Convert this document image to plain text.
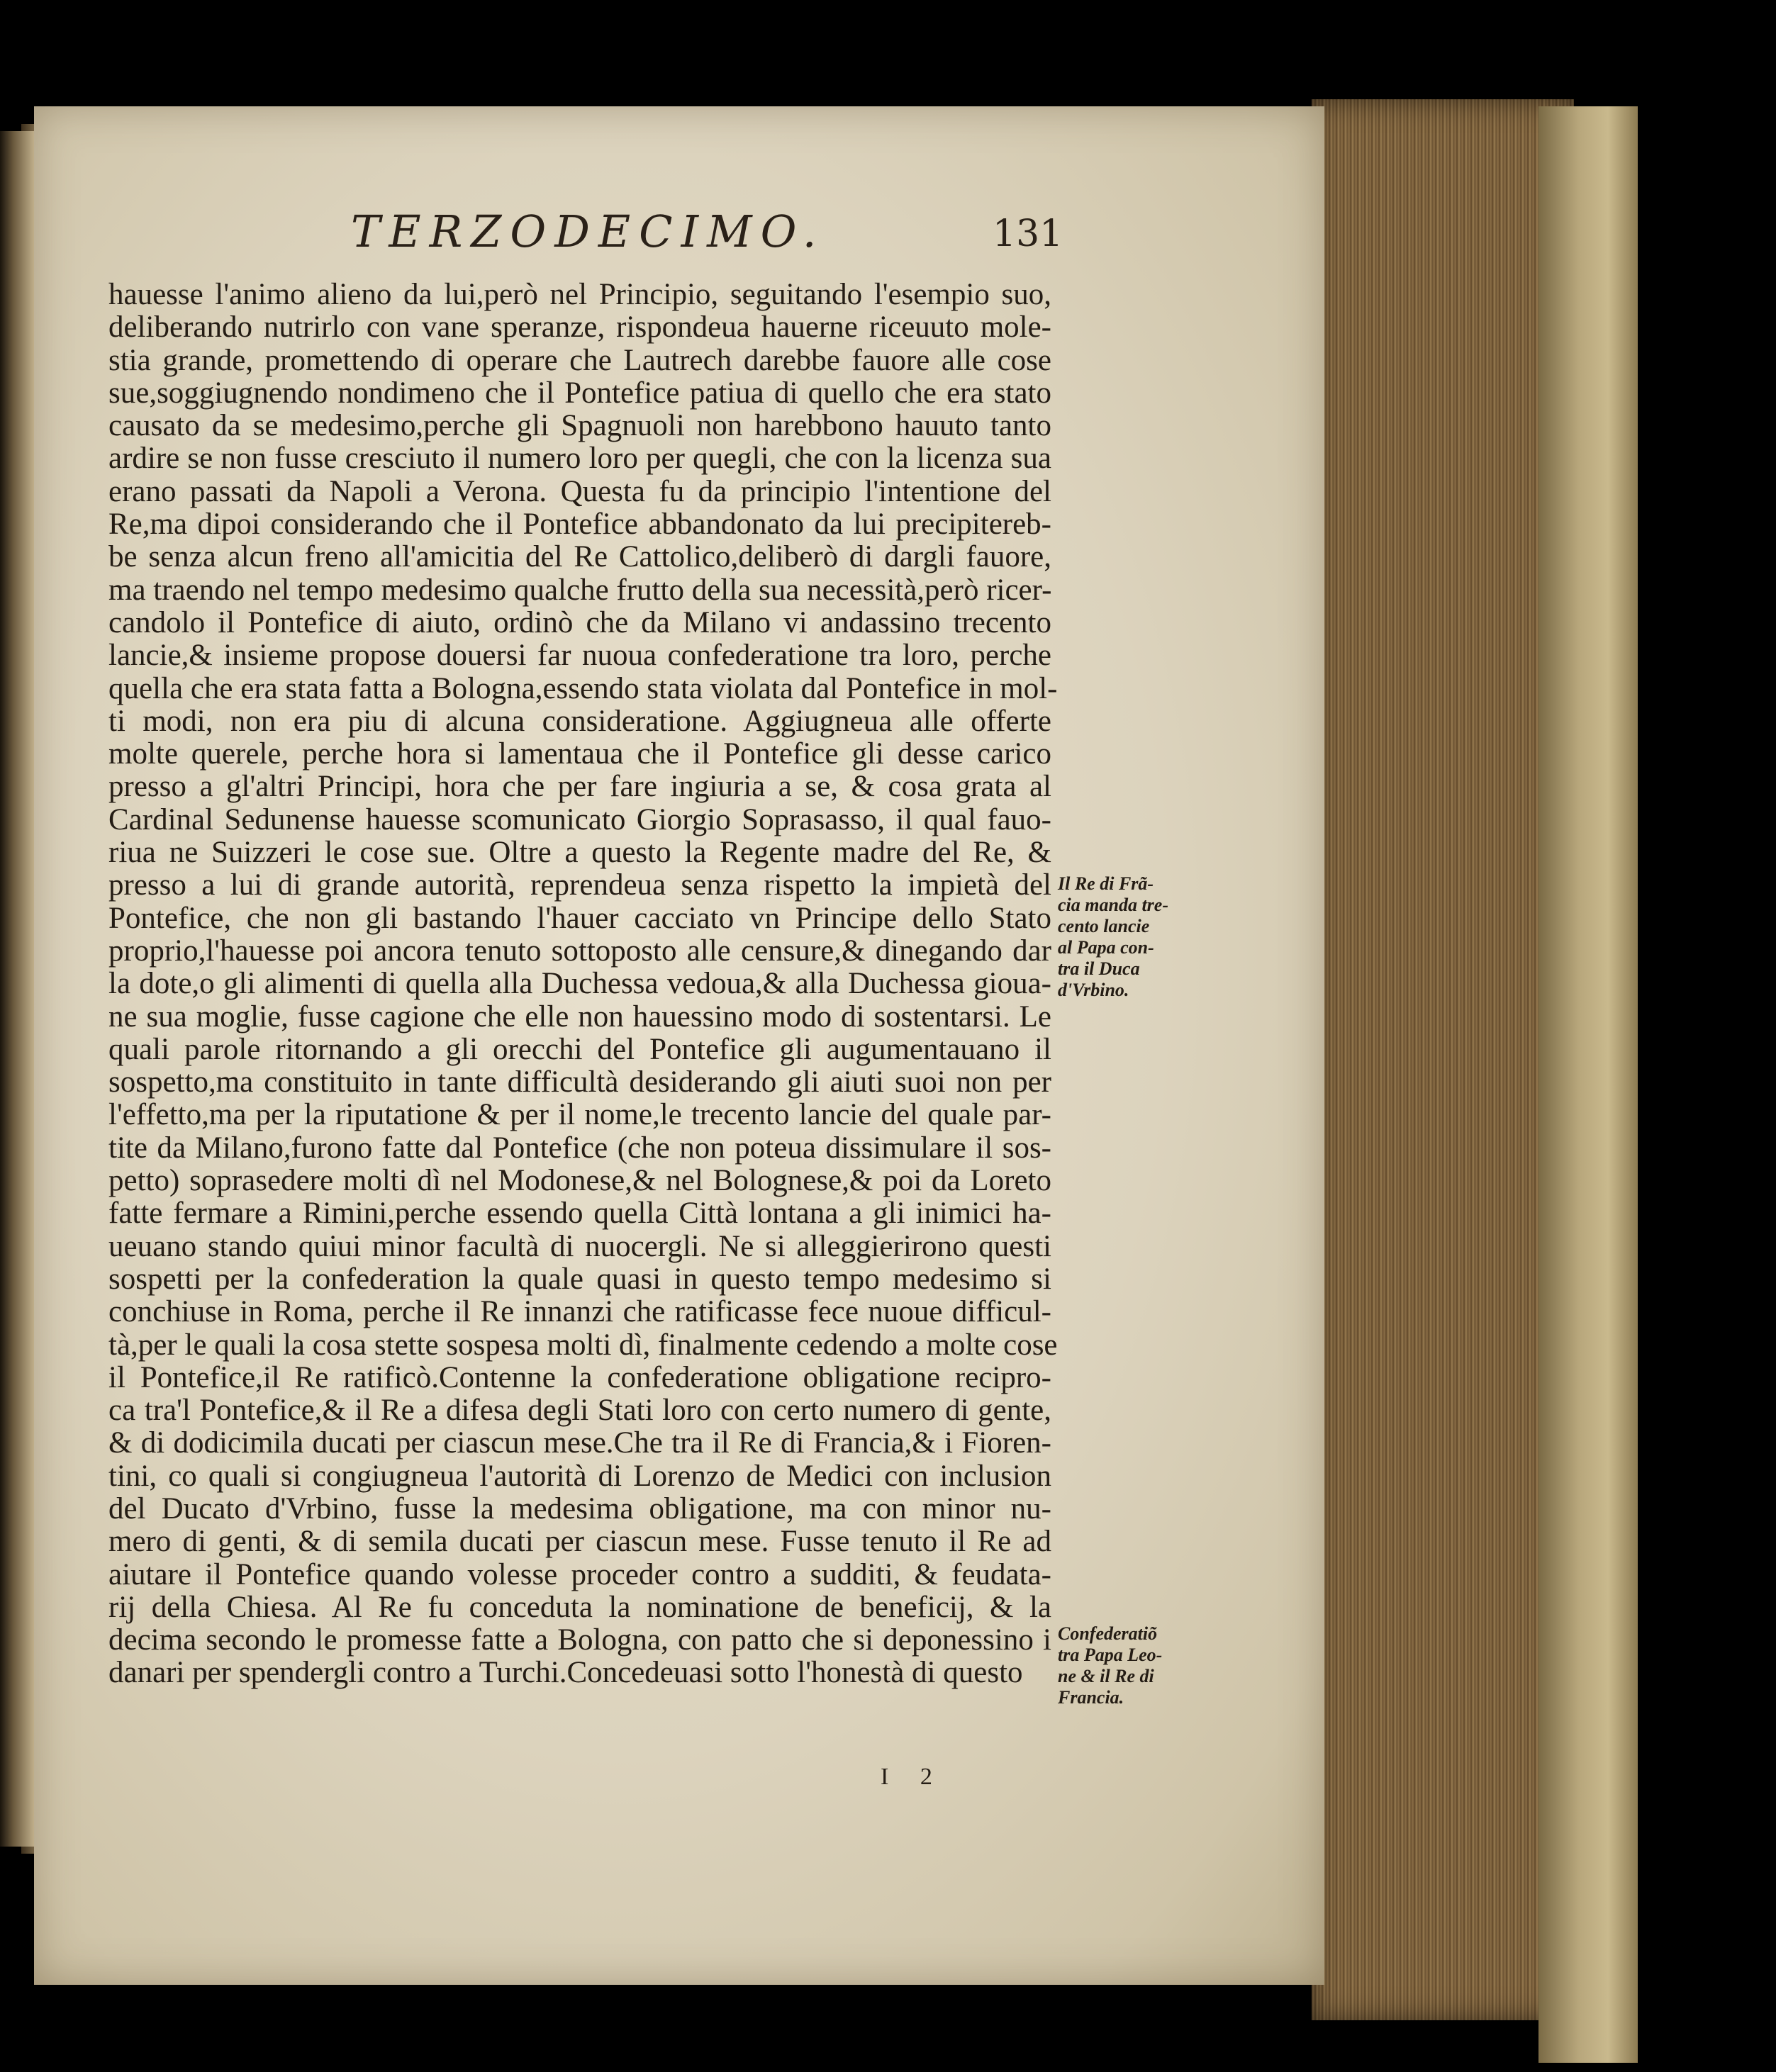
TERZODECIMO.	131
hauesse l'animo alieno da lui,però nel Principio, seguitando l'esempio suo,
deliberando nutrirlo con vane speranze, rispondeua hauerne riceuuto mole-
stia grande, promettendo di operare che Lautrech darebbe fauore alle cose
sue,soggiugnendo nondimeno che il Pontefice patiua di quello che era stato
causato da se medesimo,perche gli Spagnuoli non harebbono hauuto tanto
ardire se non fusse cresciuto il numero loro per quegli, che con la licenza sua
erano passati da Napoli a Verona. Questa fu da principio l'intentione del
Re,ma dipoi considerando che il Pontefice abbandonato da lui precipitereb-
be senza alcun freno all'amicitia del Re Cattolico,deliberò di dargli fauore,
ma traendo nel tempo medesimo qualche frutto della sua necessità,però ricer-
candolo il Pontefice di aiuto, ordinò che da Milano vi andassino trecento
lancie,& insieme propose douersi far nuoua confederatione tra loro, perche
quella che era stata fatta a Bologna,essendo stata violata dal Pontefice in mol-
ti modi, non era piu di alcuna consideratione. Aggiugneua alle offerte
molte querele, perche hora si lamentaua che il Pontefice gli desse carico
presso a gl'altri Principi, hora che per fare ingiuria a se, & cosa grata al
Cardinal Sedunense hauesse scomunicato Giorgio Soprasasso, il qual fauo-
riua ne Suizzeri le cose sue. Oltre a questo la Regente madre del Re, &
presso a lui di grande autorità, reprendeua senza rispetto la impietà del
Pontefice, che non gli bastando l'hauer cacciato vn Principe dello Stato
proprio,l'hauesse poi ancora tenuto sottoposto alle censure,& dinegando dar
la dote,o gli alimenti di quella alla Duchessa vedoua,& alla Duchessa gioua-
ne sua moglie, fusse cagione che elle non hauessino modo di sostentarsi. Le
quali parole ritornando a gli orecchi del Pontefice gli augumentauano il
sospetto,ma constituito in tante difficultà desiderando gli aiuti suoi non per
l'effetto,ma per la riputatione & per il nome,le trecento lancie del quale par-
tite da Milano,furono fatte dal Pontefice (che non poteua dissimulare il sos-
petto) soprasedere molti dì nel Modonese,& nel Bolognese,& poi da Loreto
fatte fermare a Rimini,perche essendo quella Città lontana a gli inimici ha-
ueuano stando quiui minor facultà di nuocergli. Ne si alleggierirono questi
sospetti per la confederation la quale quasi in questo tempo medesimo si
conchiuse in Roma, perche il Re innanzi che ratificasse fece nuoue difficul-
tà,per le quali la cosa stette sospesa molti dì, finalmente cedendo a molte cose
il Pontefice,il Re ratificò.Contenne la confederatione obligatione recipro-
ca tra'l Pontefice,& il Re a difesa degli Stati loro con certo numero di gente,
& di dodicimila ducati per ciascun mese.Che tra il Re di Francia,& i Fioren-
tini, co quali si congiugneua l'autorità di Lorenzo de Medici con inclusion
del Ducato d'Vrbino, fusse la medesima obligatione, ma con minor nu-
mero di genti, & di semila ducati per ciascun mese. Fusse tenuto il Re ad
aiutare il Pontefice quando volesse proceder contro a sudditi, & feudata-
rij della Chiesa. Al Re fu conceduta la nominatione de beneficij, & la
decima secondo le promesse fatte a Bologna, con patto che si deponessino i
danari per spendergli contro a Turchi.Concedeuasi sotto l'honestà di questo
Il Re di Frã-
cia manda tre-
cento lancie
al Papa con-
tra il Duca
d'Vrbino.
Confederatiõ
tra Papa Leo-
ne & il Re di
Francia.
I 2
